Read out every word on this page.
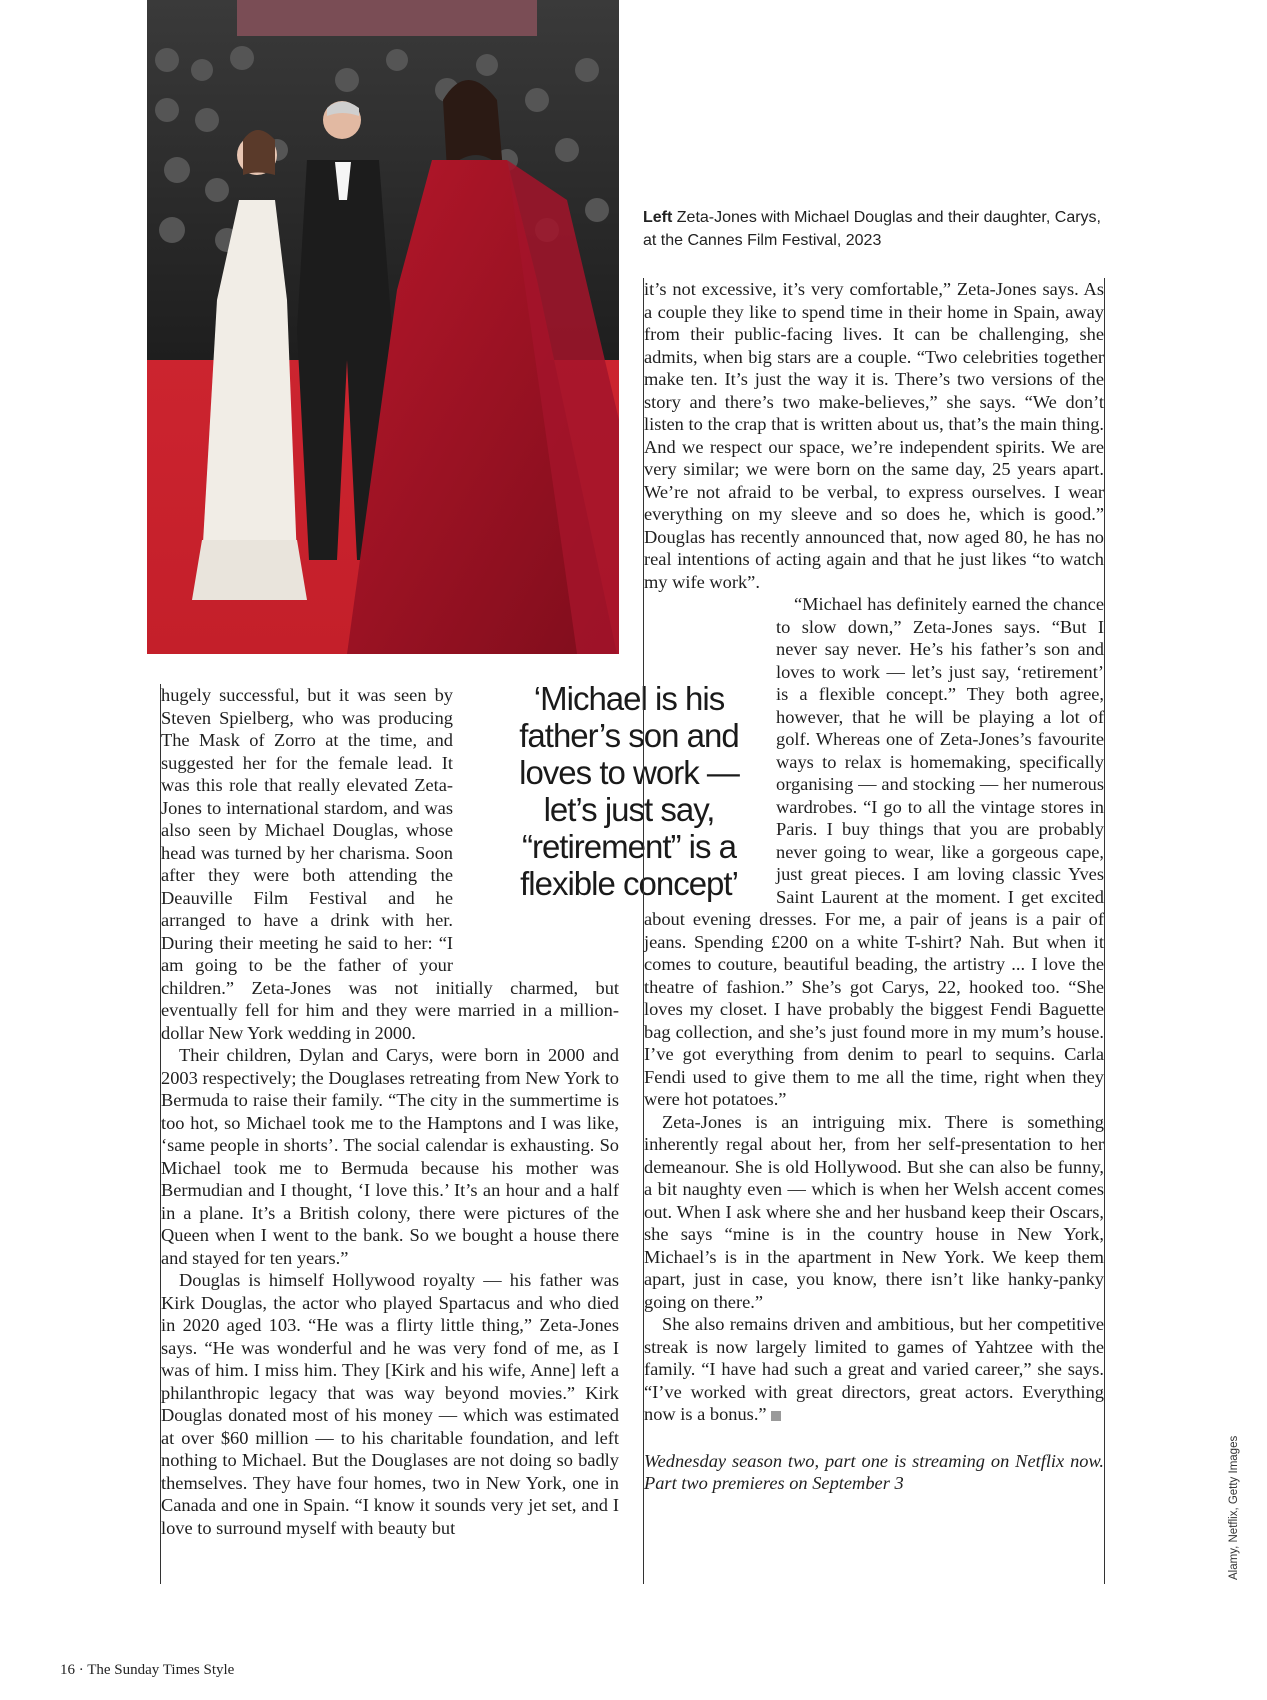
Left Zeta-Jones with Michael Douglas and their daughter, Carys, at the Cannes Film Festival, 2023

hugely successful, but it was seen by Steven Spielberg, who was producing The Mask of Zorro at the time, and suggested her for the female lead. It was this role that really elevated Zeta-Jones to international stardom, and was also seen by Michael Douglas, whose head was turned by her charisma. Soon after they were both attending the Deauville Film Festival and he arranged to have a drink with her. During their meeting he said to her: “I am going to be the father of your children.” Zeta-Jones was not initially charmed, but eventually fell for him and they were married in a million-dollar New York wedding in 2000.

Their children, Dylan and Carys, were born in 2000 and 2003 respectively; the Douglases retreating from New York to Bermuda to raise their family. “The city in the summertime is too hot, so Michael took me to the Hamptons and I was like, ‘same people in shorts’. The social calendar is exhausting. So Michael took me to Bermuda because his mother was Bermudian and I thought, ‘I love this.’ It’s an hour and a half in a plane. It’s a British colony, there were pictures of the Queen when I went to the bank. So we bought a house there and stayed for ten years.”

Douglas is himself Hollywood royalty — his father was Kirk Douglas, the actor who played Spartacus and who died in 2020 aged 103. “He was a flirty little thing,” Zeta-Jones says. “He was wonderful and he was very fond of me, as I was of him. I miss him. They [Kirk and his wife, Anne] left a philanthropic legacy that was way beyond movies.” Kirk Douglas donated most of his money — which was estimated at over $60 million — to his charitable foundation, and left nothing to Michael. But the Douglases are not doing so badly themselves. They have four homes, two in New York, one in Canada and one in Spain. “I know it sounds very jet set, and I love to surround myself with beauty but

‘Michael is his father’s son and loves to work — let’s just say, “retirement” is a flexible concept’

it’s not excessive, it’s very comfortable,” Zeta-Jones says. As a couple they like to spend time in their home in Spain, away from their public-facing lives. It can be challenging, she admits, when big stars are a couple. “Two celebrities together make ten. It’s just the way it is. There’s two versions of the story and there’s two make-believes,” she says. “We don’t listen to the crap that is written about us, that’s the main thing. And we respect our space, we’re independent spirits. We are very similar; we were born on the same day, 25 years apart. We’re not afraid to be verbal, to express ourselves. I wear everything on my sleeve and so does he, which is good.” Douglas has recently announced that, now aged 80, he has no real intentions of acting again and that he just likes “to watch my wife work”.

“Michael has definitely earned the chance to slow down,” Zeta-Jones says. “But I never say never. He’s his father’s son and loves to work — let’s just say, ‘retirement’ is a flexible concept.” They both agree, however, that he will be playing a lot of golf. Whereas one of Zeta-Jones’s favourite ways to relax is homemaking, specifically organising — and stocking — her numerous wardrobes. “I go to all the vintage stores in Paris. I buy things that you are probably never going to wear, like a gorgeous cape, just great pieces. I am loving classic Yves Saint Laurent at the moment. I get excited about evening dresses. For me, a pair of jeans is a pair of jeans. Spending £200 on a white T-shirt? Nah. But when it comes to couture, beautiful beading, the artistry ... I love the theatre of fashion.” She’s got Carys, 22, hooked too. “She loves my closet. I have probably the biggest Fendi Baguette bag collection, and she’s just found more in my mum’s house. I’ve got everything from denim to pearl to sequins. Carla Fendi used to give them to me all the time, right when they were hot potatoes.”

Zeta-Jones is an intriguing mix. There is something inherently regal about her, from her self-presentation to her demeanour. She is old Hollywood. But she can also be funny, a bit naughty even — which is when her Welsh accent comes out. When I ask where she and her husband keep their Oscars, she says “mine is in the country house in New York, Michael’s is in the apartment in New York. We keep them apart, just in case, you know, there isn’t like hanky-panky going on there.”

She also remains driven and ambitious, but her competitive streak is now largely limited to games of Yahtzee with the family. “I have had such a great and varied career,” she says. “I’ve worked with great directors, great actors. Everything now is a bonus.”

Wednesday season two, part one is streaming on Netflix now. Part two premieres on September 3	Alamy, Netflix, Getty Images
16 · The Sunday Times Style
